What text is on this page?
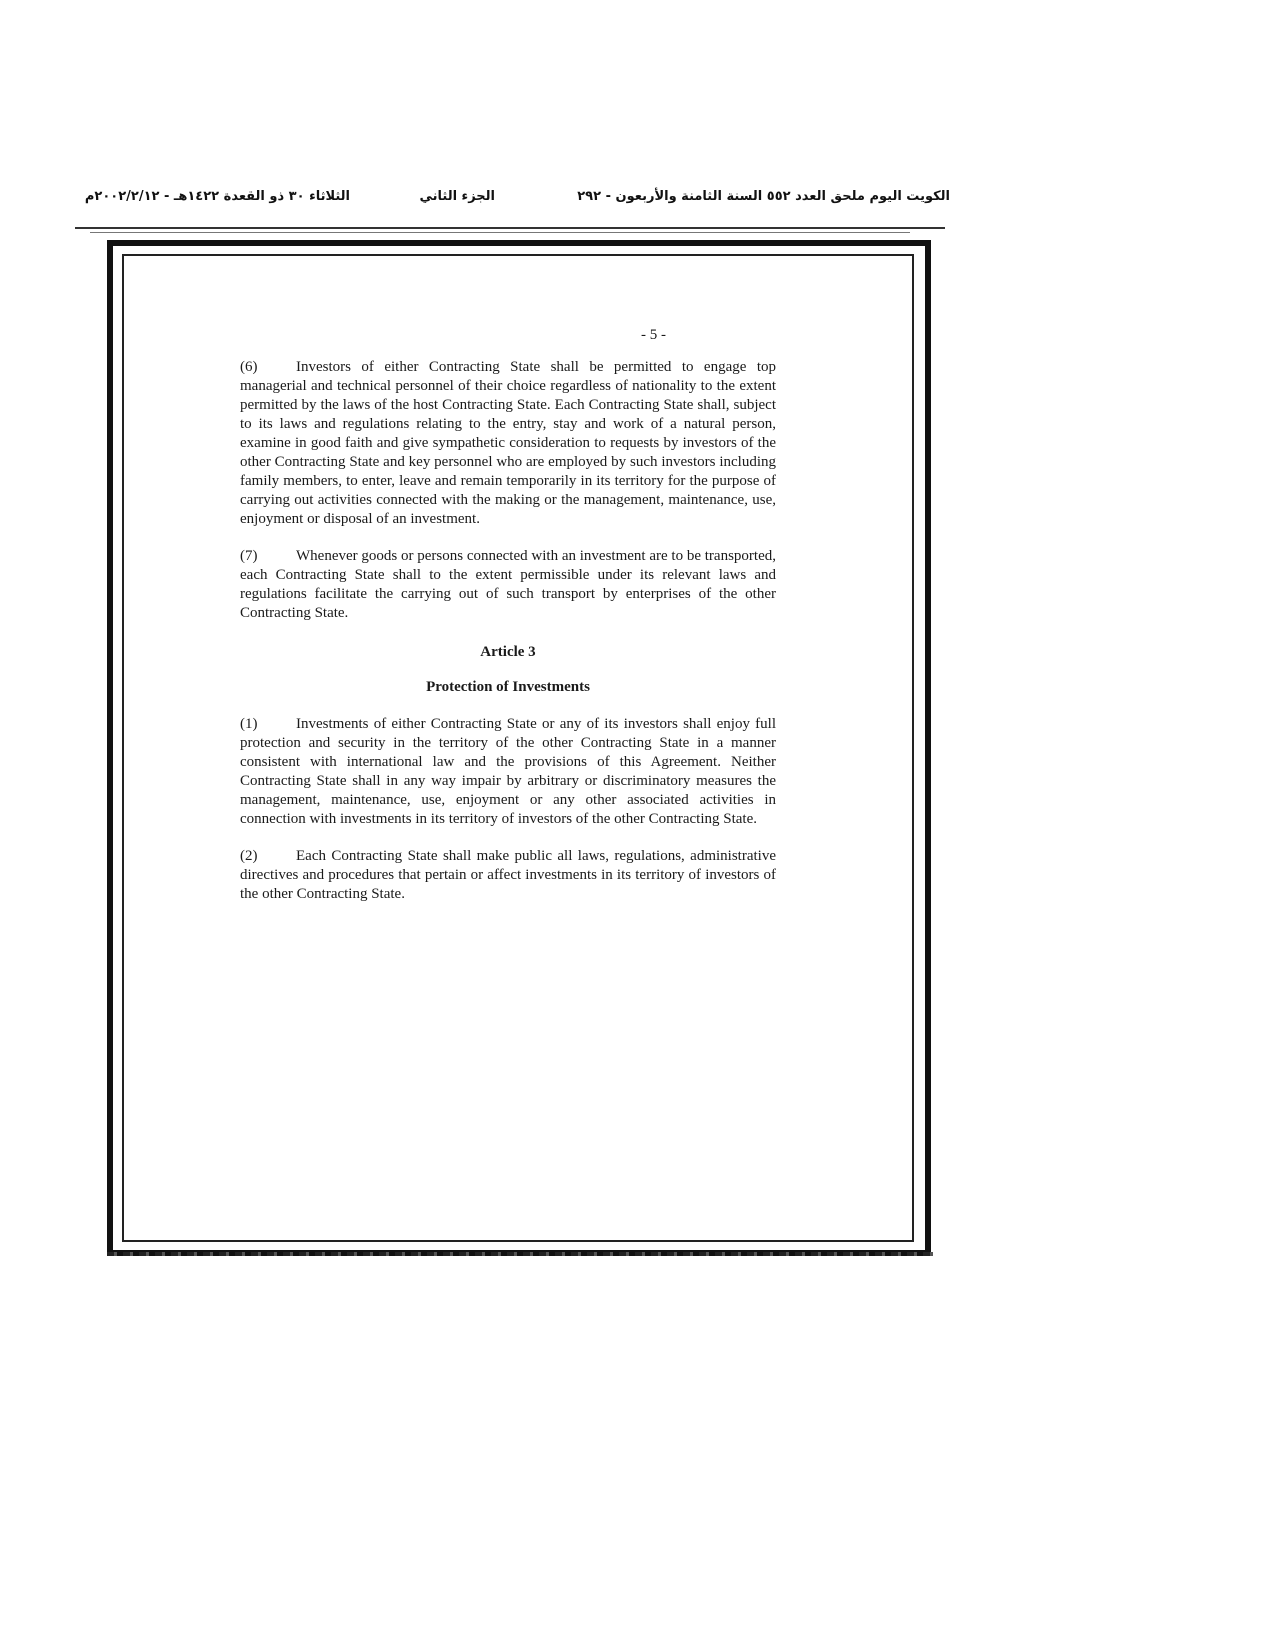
الكويت اليوم ملحق العدد ٥٥٢ السنة الثامنة والأربعون - ٢٩٢
الجزء الثاني
الثلاثاء ٣٠ ذو القعدة ١٤٢٢هـ - ٢٠٠٢/٢/١٢م
- 5 -

(6)	Investors of either Contracting State shall be permitted to engage top managerial and technical personnel of their choice regardless of nationality to the extent permitted by the laws of the host Contracting State. Each Contracting State shall, subject to its laws and regulations relating to the entry, stay and work of a natural person, examine in good faith and give sympathetic consideration to requests by investors of the other Contracting State and key personnel who are employed by such investors including family members, to enter, leave and remain temporarily in its territory for the purpose of carrying out activities connected with the making or the management, maintenance, use, enjoyment or disposal of an investment.

(7)	Whenever goods or persons connected with an investment are to be transported, each Contracting State shall to the extent permissible under its relevant laws and regulations facilitate the carrying out of such transport by enterprises of the other Contracting State.

Article 3

Protection of Investments

(1)	Investments of either Contracting State or any of its investors shall enjoy full protection and security in the territory of the other Contracting State in a manner consistent with international law and the provisions of this Agreement. Neither Contracting State shall in any way impair by arbitrary or discriminatory measures the management, maintenance, use, enjoyment or any other associated activities in connection with investments in its territory of investors of the other Contracting State.

(2)	Each Contracting State shall make public all laws, regulations, administrative directives and procedures that pertain or affect investments in its territory of investors of the other Contracting State.
